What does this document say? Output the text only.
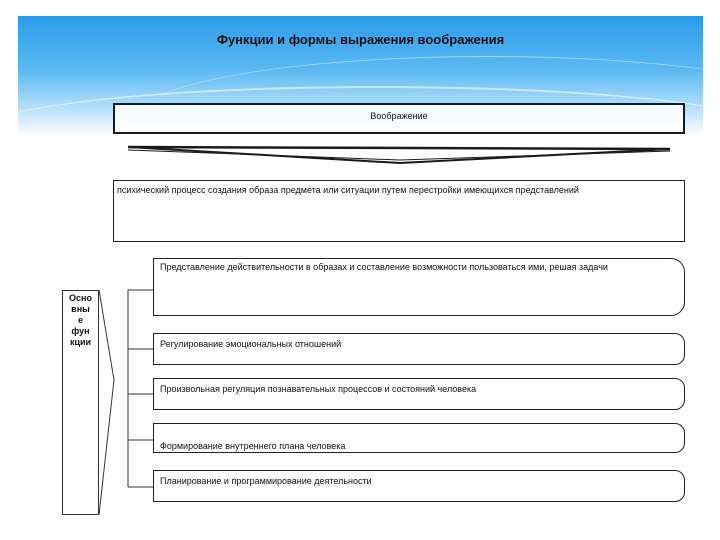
Функции и формы выражения воображения
Воображение
психический процесс создания образа предмета или ситуации путем перестройки имеющихся представлений
Осно
вны
е
фун
кции
Представление действительности в образах и составление возможности пользоваться ими, решая задачи
Регулирование эмоциональных отношений
Произвольная регуляция познавательных процессов и состояний человека
Формирование внутреннего плана человека
Планирование и программирование деятельности
